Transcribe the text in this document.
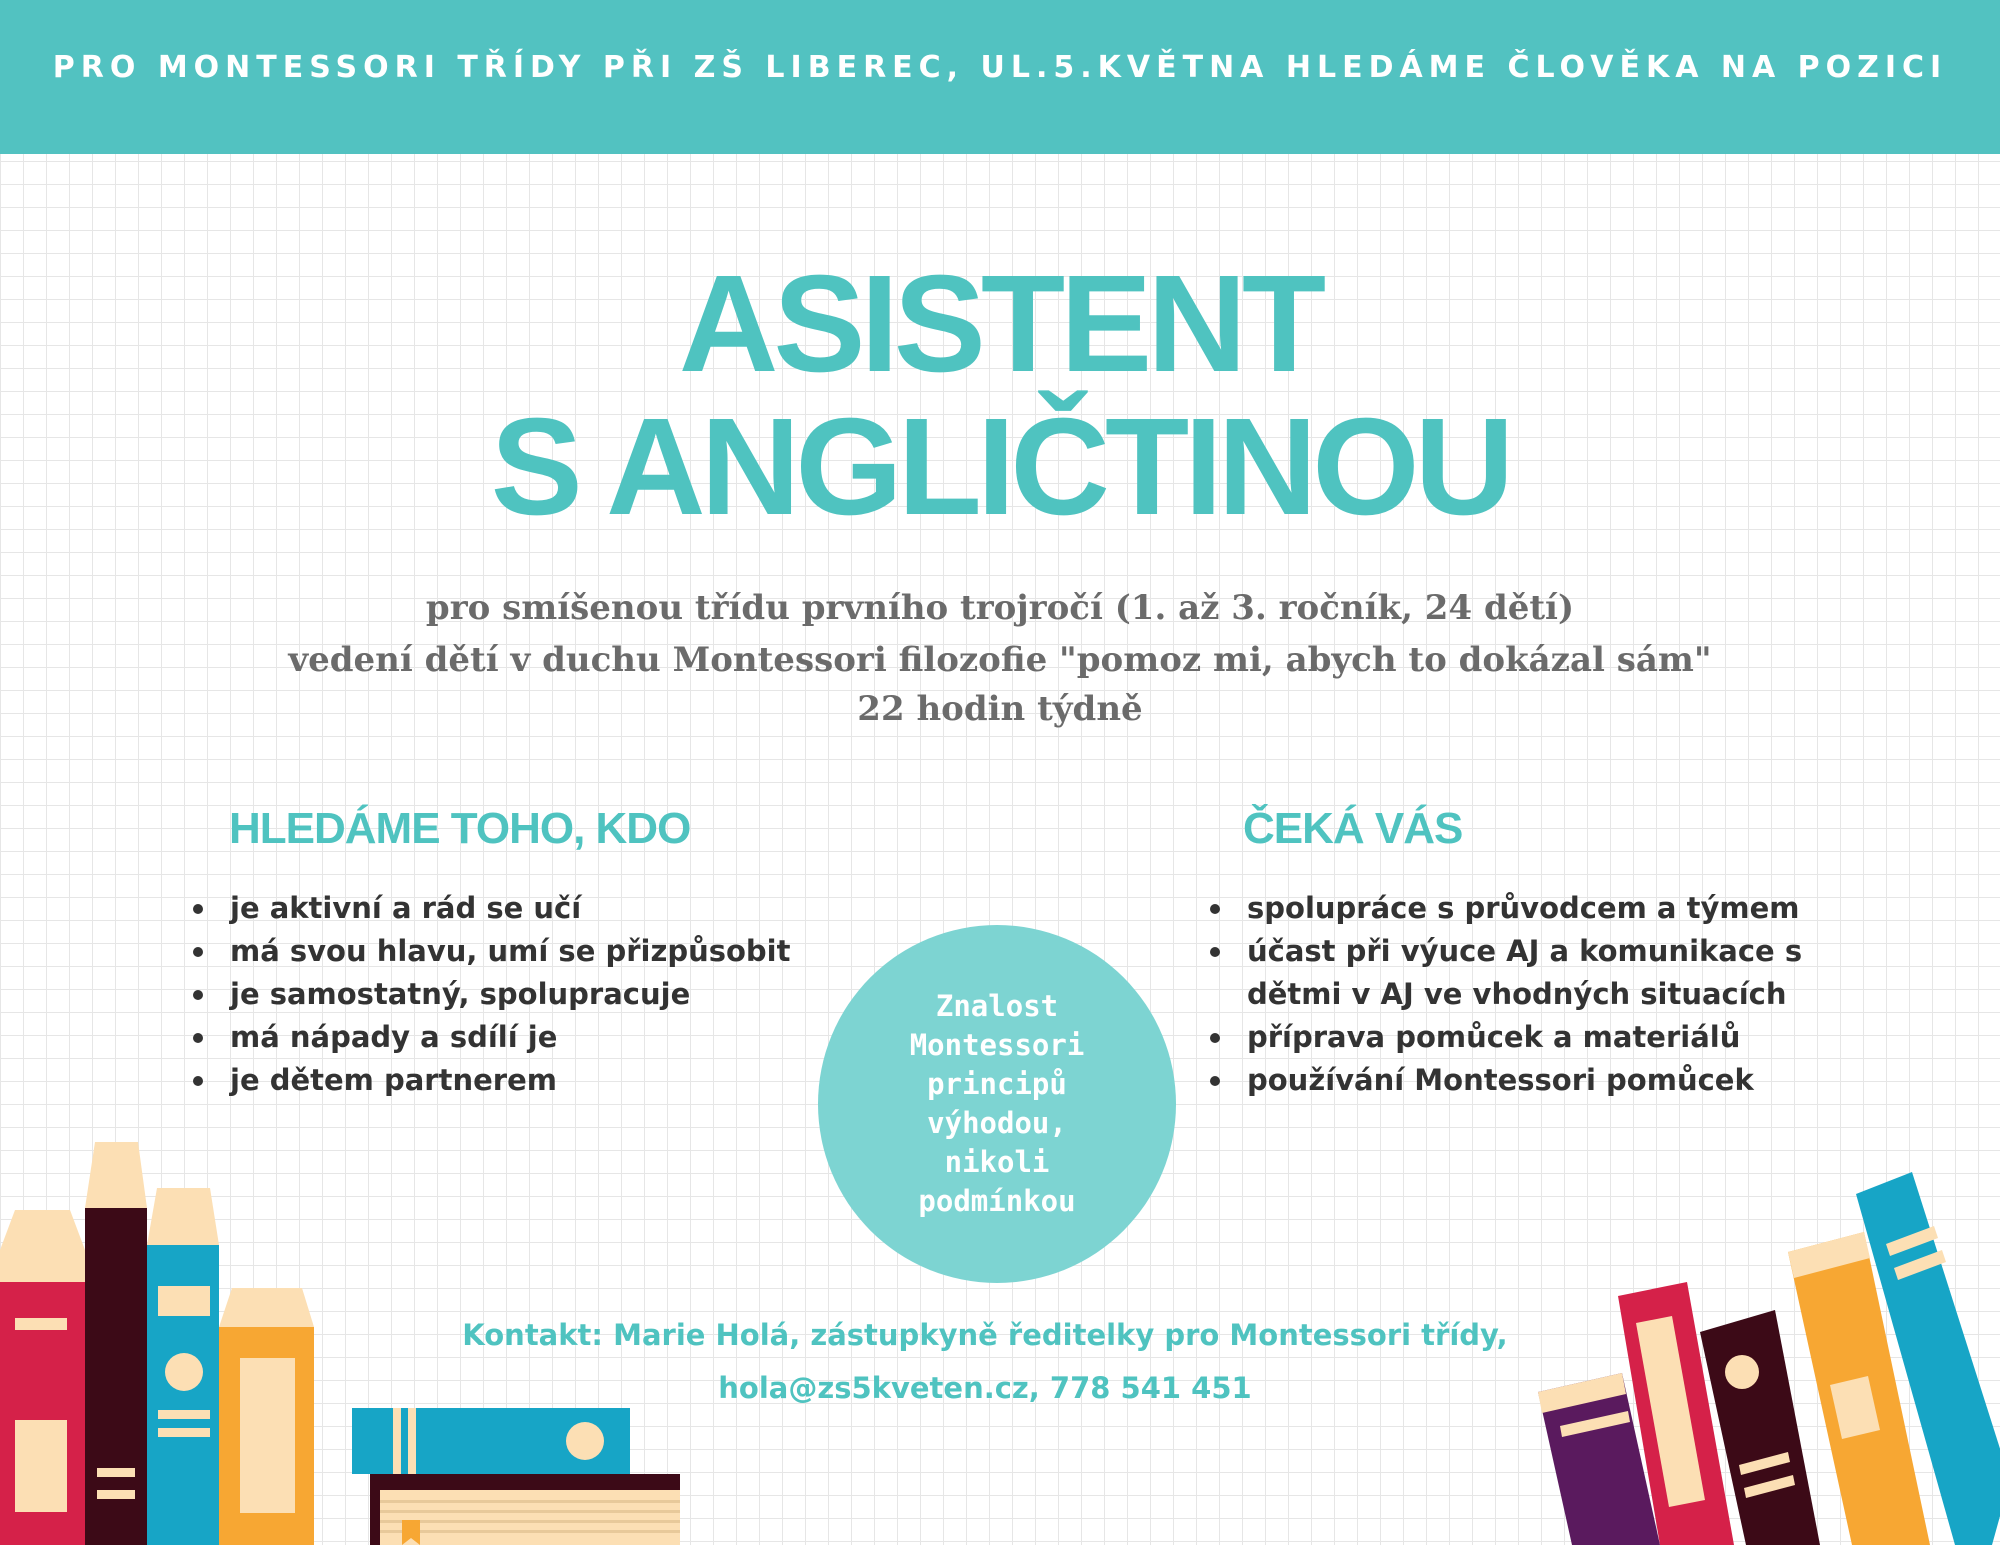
PRO MONTESSORI TŘÍDY PŘI ZŠ LIBEREC, UL.5.KVĚTNA HLEDÁME ČLOVĚKA NA POZICI
ASISTENT
S ANGLIČTINOU
pro smíšenou třídu prvního trojročí (1. až 3. ročník, 24 dětí)
vedení dětí v duchu Montessori filozofie "pomoz mi, abych to dokázal sám"
22 hodin týdně
HLEDÁME TOHO, KDO
je aktivní a rád se učí
má svou hlavu, umí se přizpůsobit
je samostatný, spolupracuje
má nápady a sdílí je
je dětem partnerem
ČEKÁ VÁS
spolupráce s průvodcem a týmem
účast při výuce AJ a komunikace s dětmi v AJ ve vhodných situacích
příprava pomůcek a materiálů
používání Montessori pomůcek
Znalost Montessori principů výhodou, nikoli podmínkou
Kontakt: Marie Holá, zástupkyně ředitelky pro Montessori třídy,
hola@zs5kveten.cz, 778 541 451
